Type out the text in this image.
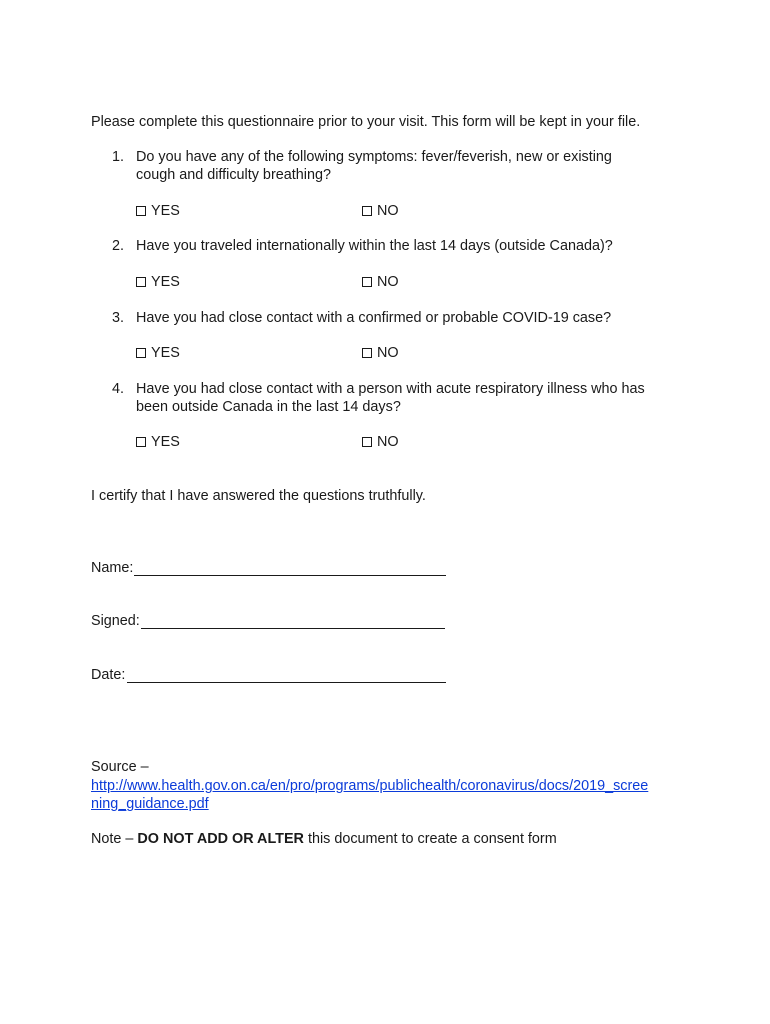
Please complete this questionnaire prior to your visit. This form will be kept in your file.
1. Do you have any of the following symptoms: fever/feverish, new or existing
cough and difficulty breathing?
YES	NO
2. Have you traveled internationally within the last 14 days (outside Canada)?
YES	NO
3. Have you had close contact with a confirmed or probable COVID-19 case?
YES	NO
4. Have you had close contact with a person with acute respiratory illness who has
been outside Canada in the last 14 days?
YES	NO
I certify that I have answered the questions truthfully.
Name:
Signed:
Date:
Source –
http://www.health.gov.on.ca/en/pro/programs/publichealth/coronavirus/docs/2019_scree
ning_guidance.pdf
Note – DO NOT ADD OR ALTER this document to create a consent form
